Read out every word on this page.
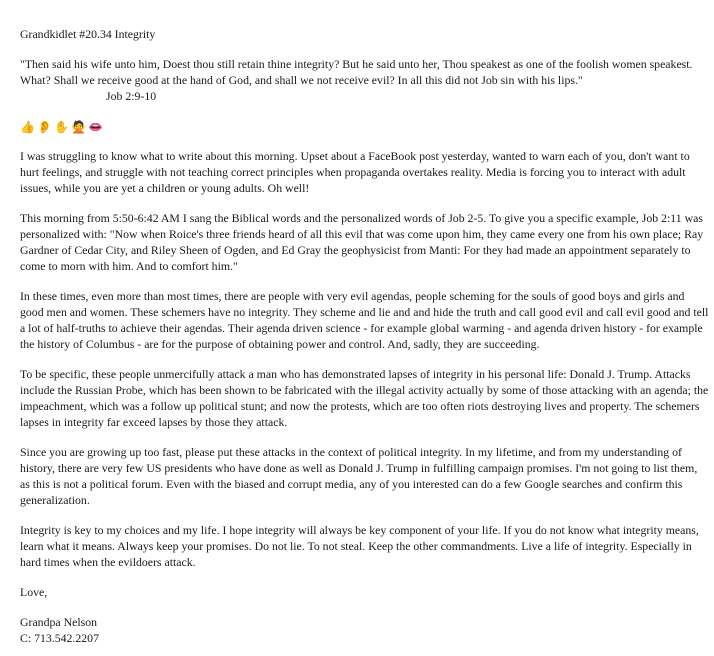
Grandkidlet #20.34 Integrity

"Then said his wife unto him, Doest thou still retain thine integrity? But he said unto her, Thou speakest as one of the foolish women speakest. What? Shall we receive good at the hand of God, and shall we not receive evil? In all this did not Job sin with his lips."

Job 2:9-10

👍 👂 ✋ 🙅 👄

I was struggling to know what to write about this morning. Upset about a FaceBook post yesterday, wanted to warn each of you, don't want to hurt feelings, and struggle with not teaching correct principles when propaganda overtakes reality. Media is forcing you to interact with adult issues, while you are yet a children or young adults. Oh well!

This morning from 5:50-6:42 AM I sang the Biblical words and the personalized words of Job 2-5. To give you a specific example, Job 2:11 was personalized with: "Now when Roice's three friends heard of all this evil that was come upon him, they came every one from his own place; Ray Gardner of Cedar City, and Riley Sheen of Ogden, and Ed Gray the geophysicist from Manti: For they had made an appointment separately to come to morn with him. And to comfort him."

In these times, even more than most times, there are people with very evil agendas, people scheming for the souls of good boys and girls and good men and women. These schemers have no integrity. They scheme and lie and and hide the truth and call good evil and call evil good and tell a lot of half-truths to achieve their agendas. Their agenda driven science - for example global warming - and agenda driven history - for example the history of Columbus - are for the purpose of obtaining power and control. And, sadly, they are succeeding.

To be specific, these people unmercifully attack a man who has demonstrated lapses of integrity in his personal life: Donald J. Trump. Attacks include the Russian Probe, which has been shown to be fabricated with the illegal activity actually by some of those attacking with an agenda; the impeachment, which was a follow up political stunt; and now the protests, which are too often riots destroying lives and property. The schemers lapses in integrity far exceed lapses by those they attack.

Since you are growing up too fast, please put these attacks in the context of political integrity. In my lifetime, and from my understanding of history, there are very few US presidents who have done as well as Donald J. Trump in fulfilling campaign promises. I'm not going to list them, as this is not a political forum. Even with the biased and corrupt media, any of you interested can do a few Google searches and confirm this generalization.

Integrity is key to my choices and my life. I hope integrity will always be key component of your life. If you do not know what integrity means, learn what it means. Always keep your promises. Do not lie. To not steal. Keep the other commandments. Live a life of integrity. Especially in hard times when the evildoers attack.

Love,

Grandpa Nelson

C: 713.542.2207
